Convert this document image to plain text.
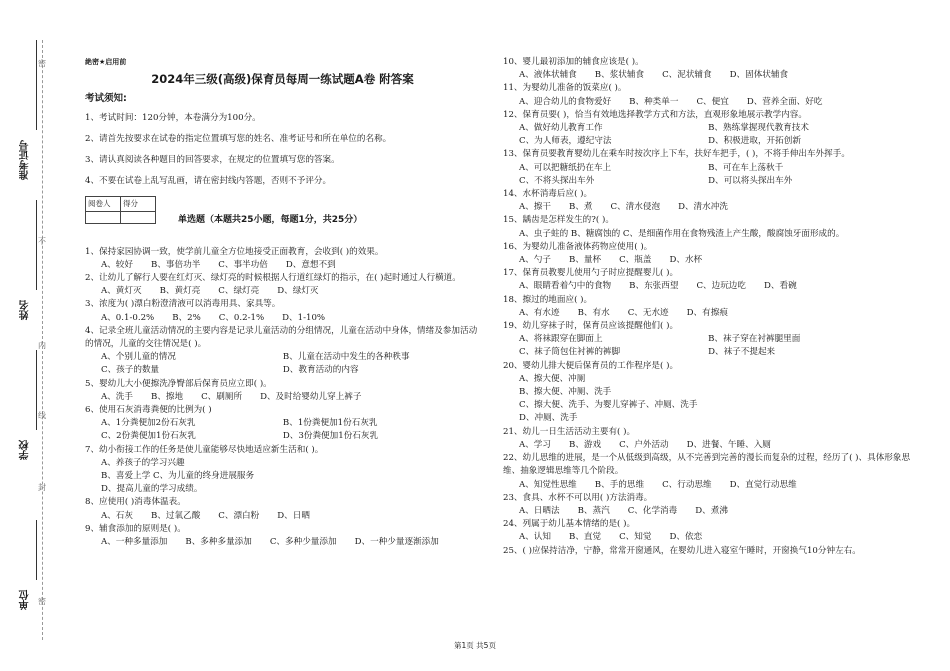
准考证号
姓名
学校
单位
密
不
内
线
封
密
絶密★启用前
2024年三级(高级)保育员每周一练试题A卷 附答案
考试须知:

1、考试时间：120分钟，本卷满分为100分。

2、请首先按要求在试卷的指定位置填写您的姓名、准考证号和所在单位的名称。

3、请认真阅读各种题目的回答要求，在规定的位置填写您的答案。

4、不要在试卷上乱写乱画，请在密封线内答题，否则不予评分。

阅卷人	得分

单选题（本题共25小题，每题1分，共25分）

1、保持家园协调一致，使学前儿童全方位地接受正面教育，会收到( )的效果。

A、较好 B、事倍功半 C、事半功倍 D、意想不到

2、让幼儿了解行人要在红灯灭、绿灯亮的时候根据人行道红绿灯的指示，在( )起时通过人行横道。

A、黄灯灭 B、黄灯亮 C、绿灯亮 D、绿灯灭

3、浓度为( )漂白粉澄清液可以消毒用具、家具等。

A、0.1-0.2% B、2% C、0.2-1% D、1-10%

4、记录全班儿童活动情况的主要内容是记录儿童活动的分组情况，儿童在活动中身体，情绪及参加活动的情况，儿童的交往情况是( )。

A、个别儿童的情况	B、儿童在活动中发生的各种秩事
C、孩子的数量	D、教育活动的内容

5、婴幼儿大小便擦洗净臀部后保育员应立即( )。

A、洗手 B、擦地 C、刷厕所 D、及时给婴幼儿穿上裤子

6、使用石灰消毒粪便的比例为( )

A、1分粪便加2份石灰乳	B、1份粪便加1份石灰乳
C、2份粪便加1份石灰乳	D、3份粪便加1份石灰乳

7、幼小衔接工作的任务是使儿童能够尽快地适应新生活和( )。

A、养孩子的学习兴趣
B、喜爱上学 C、为儿童的终身进展服务
D、提高儿童的学习成绩。

8、应使用( )消毒体温表。

A、石灰 B、过氧乙酸 C、漂白粉 D、日晒

9、辅食添加的原则是( )。

A、一种多量添加 B、多种多量添加 C、多种少量添加 D、一种少量逐渐添加

10、婴儿最初添加的辅食应该是( )。

A、液体状辅食 B、浆状辅食 C、泥状辅食 D、固体状辅食

11、为婴幼儿准备的饭菜应( )。

A、迎合幼儿的食物爱好 B、种类单一 C、便宜 D、营养全面、好吃

12、保育员要( )，恰当有效地选择教学方式和方法，直观形象地展示教学内容。

A、做好幼儿教育工作	B、熟练掌握现代教育技术
C、为人师表，遵纪守法	D、积极进取，开拓创新

13、保育员要教育婴幼儿在乘车时按次序上下车，扶好车把手，( )，不将手伸出车外挥手。

A、可以把糖纸扔在车上	B、可在车上荡秋千
C、不将头探出车外	D、可以将头探出车外

14、水杯消毒后应( )。

A、擦干 B、煮 C、清水侵泡 D、清水冲洗

15、龋齿是怎样发生的?( )。

A、虫子蛀的 B、糖腐蚀的 C、是细菌作用在食物残渣上产生酸，酸腐蚀牙面形成的。

16、为婴幼儿准备液体药物应使用( )。

A、勺子 B、量杯 C、瓶盖 D、水杯

17、保育员教婴儿使用勺子时应提醒婴儿( )。

A、眼睛看着勺中的食物 B、东张西望 C、边玩边吃 D、看碗

18、擦过的地面应( )。

A、有水迹 B、有水 C、无水迹 D、有擦痕

19、幼儿穿袜子时，保育员应该提醒他们( )。

A、将袜跟穿在脚面上	B、袜子穿在衬裤腿里面
C、袜子筒包住衬裤的裤脚	D、袜子不提起来

20、婴幼儿排大便后保育员的工作程序是( )。

A、擦大便、冲厕
B、擦大便、冲厕、洗手
C、擦大便、洗手、为婴儿穿裤子、冲厕、洗手
D、冲厕、洗手

21、幼儿一日生活活动主要有( )。

A、学习 B、游戏 C、户外活动 D、进餐、午睡、入厕

22、幼儿思维的进展，是一个从低级到高级，从不完善到完善的漫长而复杂的过程，经历了( )、具体形象思维、抽象逻辑思维等几个阶段。

A、知觉性思维 B、手的思维 C、行动思维 D、直觉行动思维

23、食具、水杯不可以用( )方法消毒。

A、日晒法 B、蒸汽 C、化学消毒 D、煮沸

24、列属于幼儿基本情绪的是( )。

A、认知 B、直觉 C、知觉 D、依恋

25、( )应保持洁净，宁静，常常开窗通风，在婴幼儿进入寝室午睡时，开窗换气10分钟左右。

第1页 共5页
